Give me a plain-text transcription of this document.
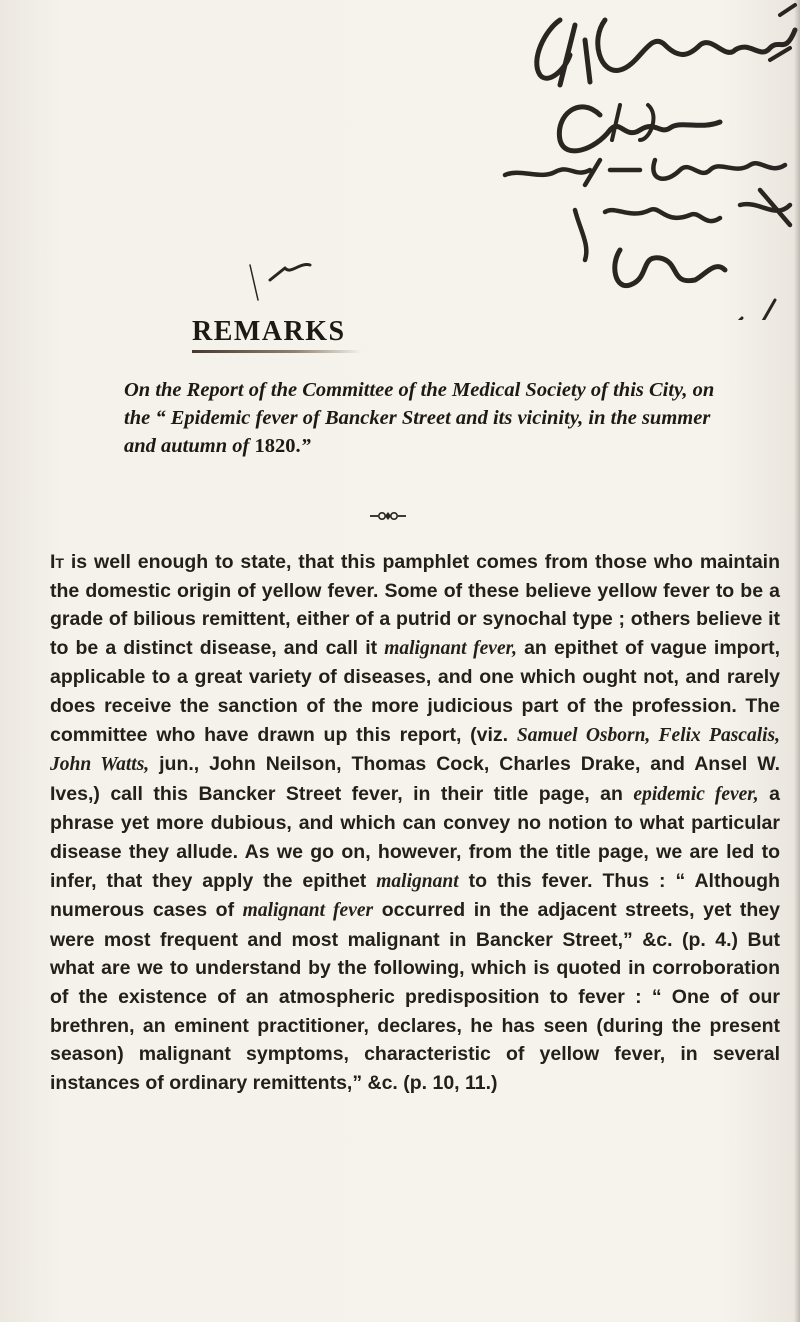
REMARKS
On the Report of the Committee of the Medical Society of this City, on the “ Epidemic fever of Bancker Street and its vicinity, in the summer and autumn of 1820.”

It is well enough to state, that this pamphlet comes from those who maintain the domestic origin of yellow fever. Some of these believe yellow fever to be a grade of bilious remittent, either of a putrid or synochal type ; others believe it to be a distinct disease, and call it malignant fever, an epithet of vague import, applicable to a great variety of diseases, and one which ought not, and rarely does receive the sanction of the more judicious part of the profession. The committee who have drawn up this report, (viz. Samuel Osborn, Felix Pascalis, John Watts, jun., John Neilson, Thomas Cock, Charles Drake, and Ansel W. Ives,) call this Bancker Street fever, in their title page, an epidemic fever, a phrase yet more dubious, and which can convey no notion to what particular disease they allude. As we go on, however, from the title page, we are led to infer, that they apply the epithet malignant to this fever. Thus : “ Although numerous cases of malignant fever occurred in the adjacent streets, yet they were most frequent and most malignant in Bancker Street,” &c. (p. 4.) But what are we to understand by the following, which is quoted in corroboration of the existence of an atmospheric predisposition to fever : “ One of our brethren, an eminent practitioner, declares, he has seen (during the present season) malignant symptoms, characteristic of yellow fever, in several instances of ordinary remittents,” &c. (p. 10, 11.)
